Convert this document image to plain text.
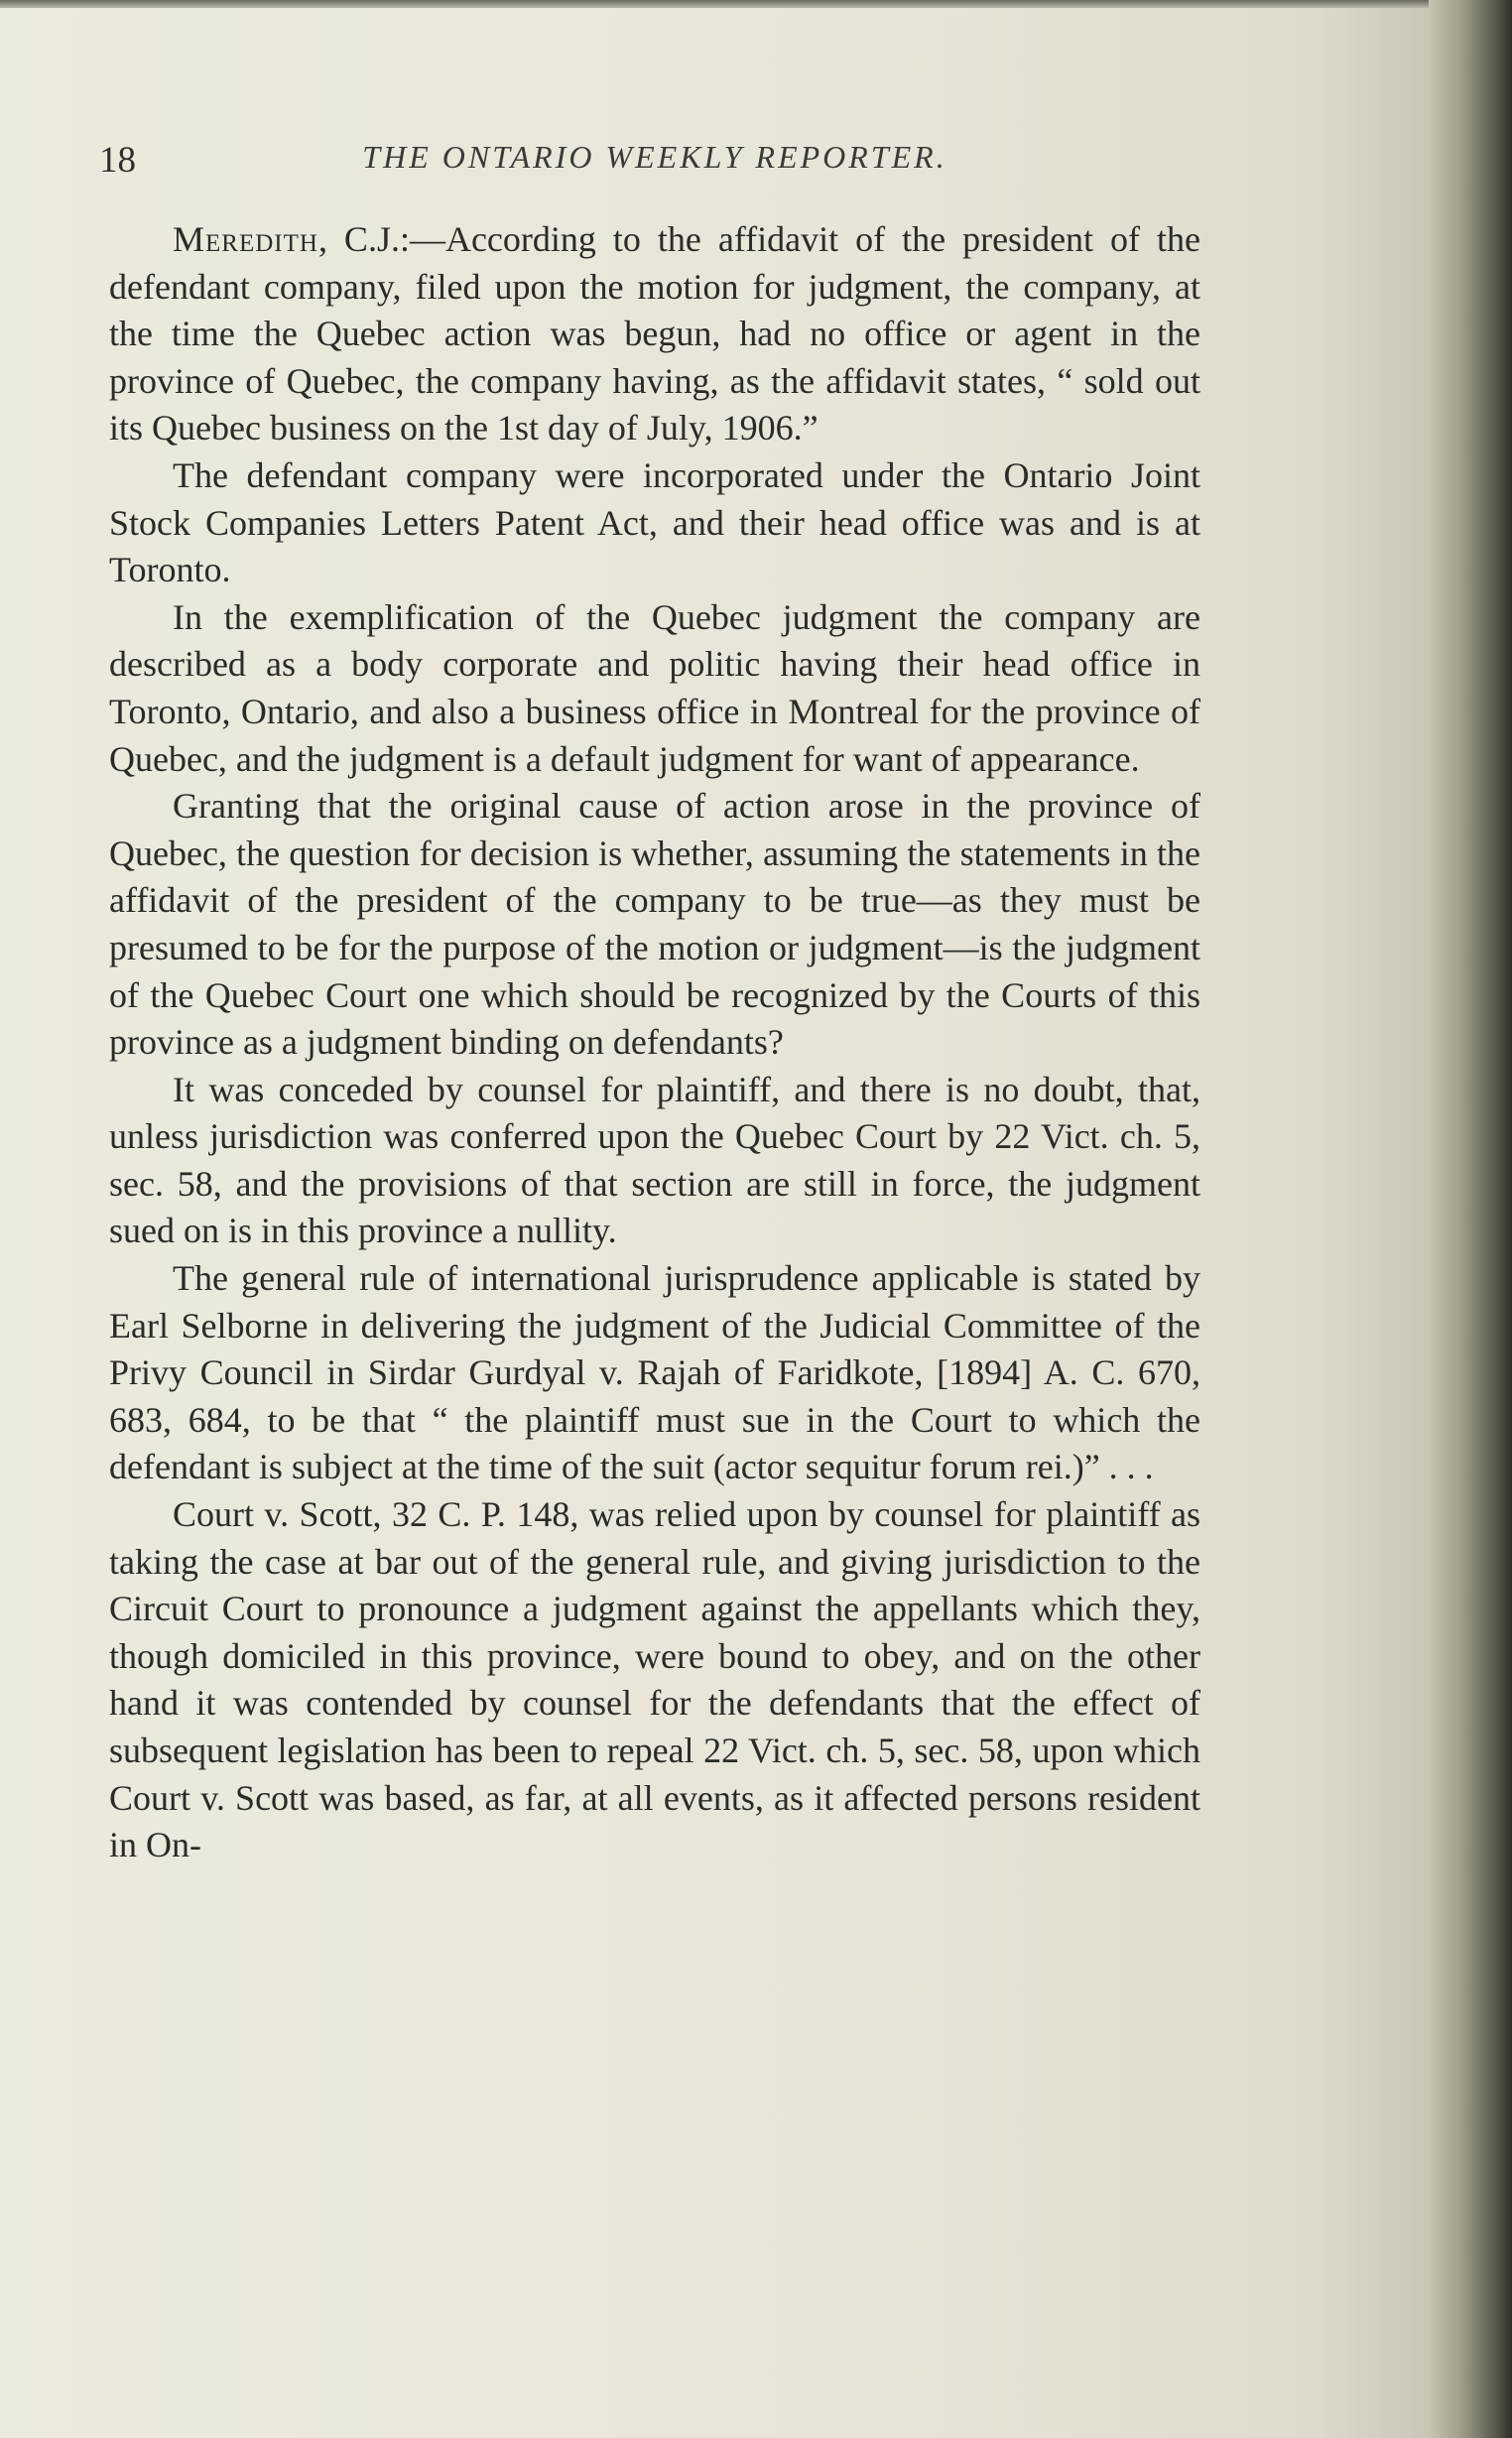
18	THE ONTARIO WEEKLY REPORTER.

Meredith, C.J.:—According to the affidavit of the president of the defendant company, filed upon the motion for judgment, the company, at the time the Quebec action was begun, had no office or agent in the province of Quebec, the company having, as the affidavit states, “ sold out its Quebec business on the 1st day of July, 1906.”

The defendant company were incorporated under the Ontario Joint Stock Companies Letters Patent Act, and their head office was and is at Toronto.

In the exemplification of the Quebec judgment the company are described as a body corporate and politic having their head office in Toronto, Ontario, and also a business office in Montreal for the province of Quebec, and the judgment is a default judgment for want of appearance.

Granting that the original cause of action arose in the province of Quebec, the question for decision is whether, assuming the statements in the affidavit of the president of the company to be true—as they must be presumed to be for the purpose of the motion or judgment—is the judgment of the Quebec Court one which should be recognized by the Courts of this province as a judgment binding on defendants?

It was conceded by counsel for plaintiff, and there is no doubt, that, unless jurisdiction was conferred upon the Quebec Court by 22 Vict. ch. 5, sec. 58, and the provisions of that section are still in force, the judgment sued on is in this province a nullity.

The general rule of international jurisprudence applicable is stated by Earl Selborne in delivering the judgment of the Judicial Committee of the Privy Council in Sirdar Gurdyal v. Rajah of Faridkote, [1894] A. C. 670, 683, 684, to be that “ the plaintiff must sue in the Court to which the defendant is subject at the time of the suit (actor sequitur forum rei.)” . . .

Court v. Scott, 32 C. P. 148, was relied upon by counsel for plaintiff as taking the case at bar out of the general rule, and giving jurisdiction to the Circuit Court to pronounce a judgment against the appellants which they, though domiciled in this province, were bound to obey, and on the other hand it was contended by counsel for the defendants that the effect of subsequent legislation has been to repeal 22 Vict. ch. 5, sec. 58, upon which Court v. Scott was based, as far, at all events, as it affected persons resident in On-
